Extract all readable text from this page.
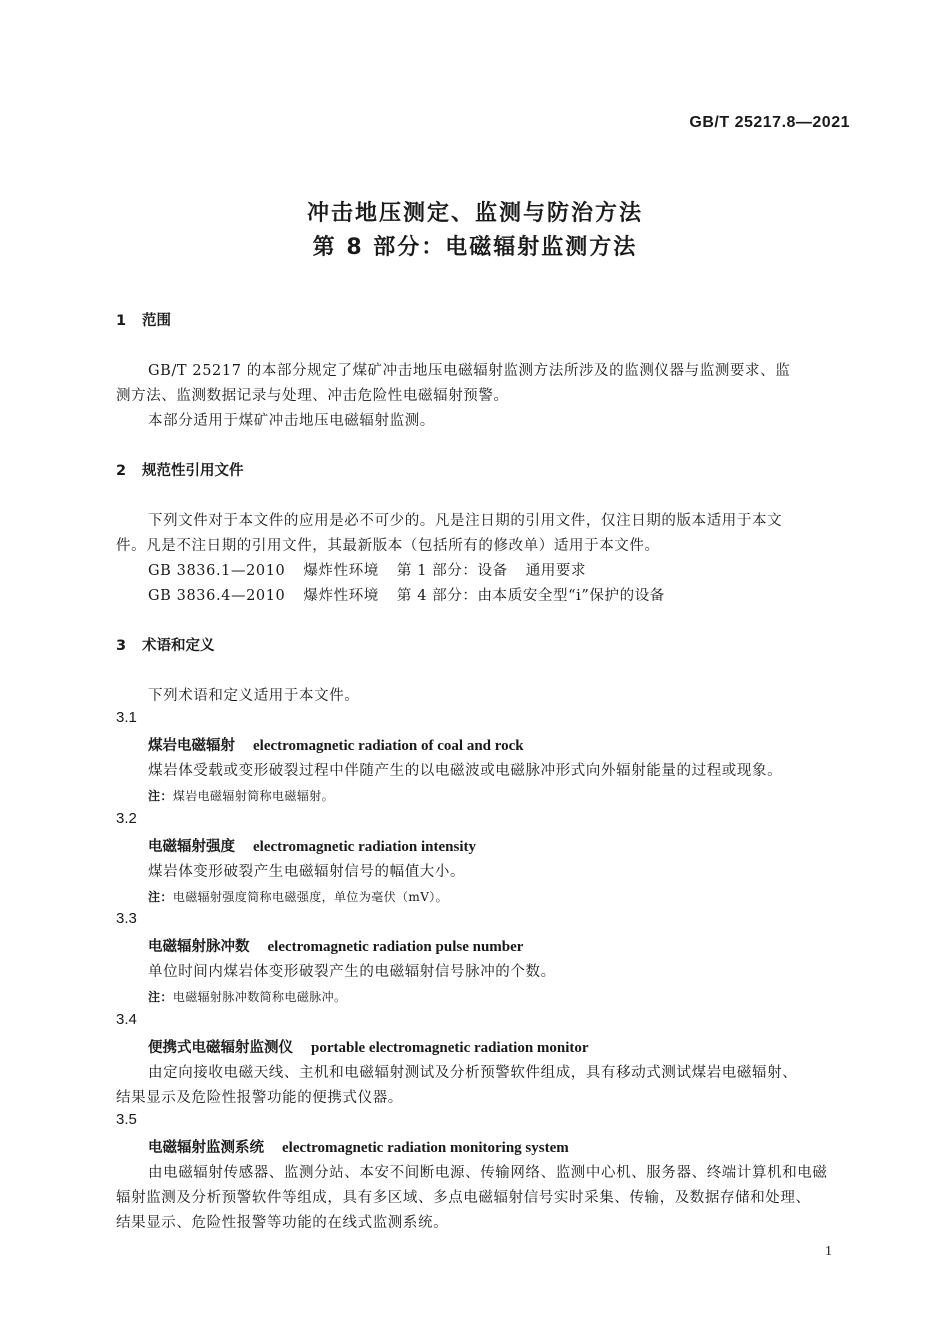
GB/T 25217.8—2021
冲击地压测定、监测与防治方法
第 8 部分：电磁辐射监测方法
1 范围
GB/T 25217 的本部分规定了煤矿冲击地压电磁辐射监测方法所涉及的监测仪器与监测要求、监
测方法、监测数据记录与处理、冲击危险性电磁辐射预警。
本部分适用于煤矿冲击地压电磁辐射监测。
2 规范性引用文件
下列文件对于本文件的应用是必不可少的。凡是注日期的引用文件，仅注日期的版本适用于本文
件。凡是不注日期的引用文件，其最新版本（包括所有的修改单）适用于本文件。
GB 3836.1—2010 爆炸性环境 第 1 部分：设备 通用要求
GB 3836.4—2010 爆炸性环境 第 4 部分：由本质安全型“i”保护的设备
3 术语和定义
下列术语和定义适用于本文件。
3.1
煤岩电磁辐射 electromagnetic radiation of coal and rock
煤岩体受载或变形破裂过程中伴随产生的以电磁波或电磁脉冲形式向外辐射能量的过程或现象。
注：煤岩电磁辐射简称电磁辐射。
3.2
电磁辐射强度 electromagnetic radiation intensity
煤岩体变形破裂产生电磁辐射信号的幅值大小。
注：电磁辐射强度简称电磁强度，单位为毫伏（mV）。
3.3
电磁辐射脉冲数 electromagnetic radiation pulse number
单位时间内煤岩体变形破裂产生的电磁辐射信号脉冲的个数。
注：电磁辐射脉冲数简称电磁脉冲。
3.4
便携式电磁辐射监测仪 portable electromagnetic radiation monitor
由定向接收电磁天线、主机和电磁辐射测试及分析预警软件组成，具有移动式测试煤岩电磁辐射、
结果显示及危险性报警功能的便携式仪器。
3.5
电磁辐射监测系统 electromagnetic radiation monitoring system
由电磁辐射传感器、监测分站、本安不间断电源、传输网络、监测中心机、服务器、终端计算机和电磁
辐射监测及分析预警软件等组成，具有多区域、多点电磁辐射信号实时采集、传输，及数据存储和处理、
结果显示、危险性报警等功能的在线式监测系统。
1
